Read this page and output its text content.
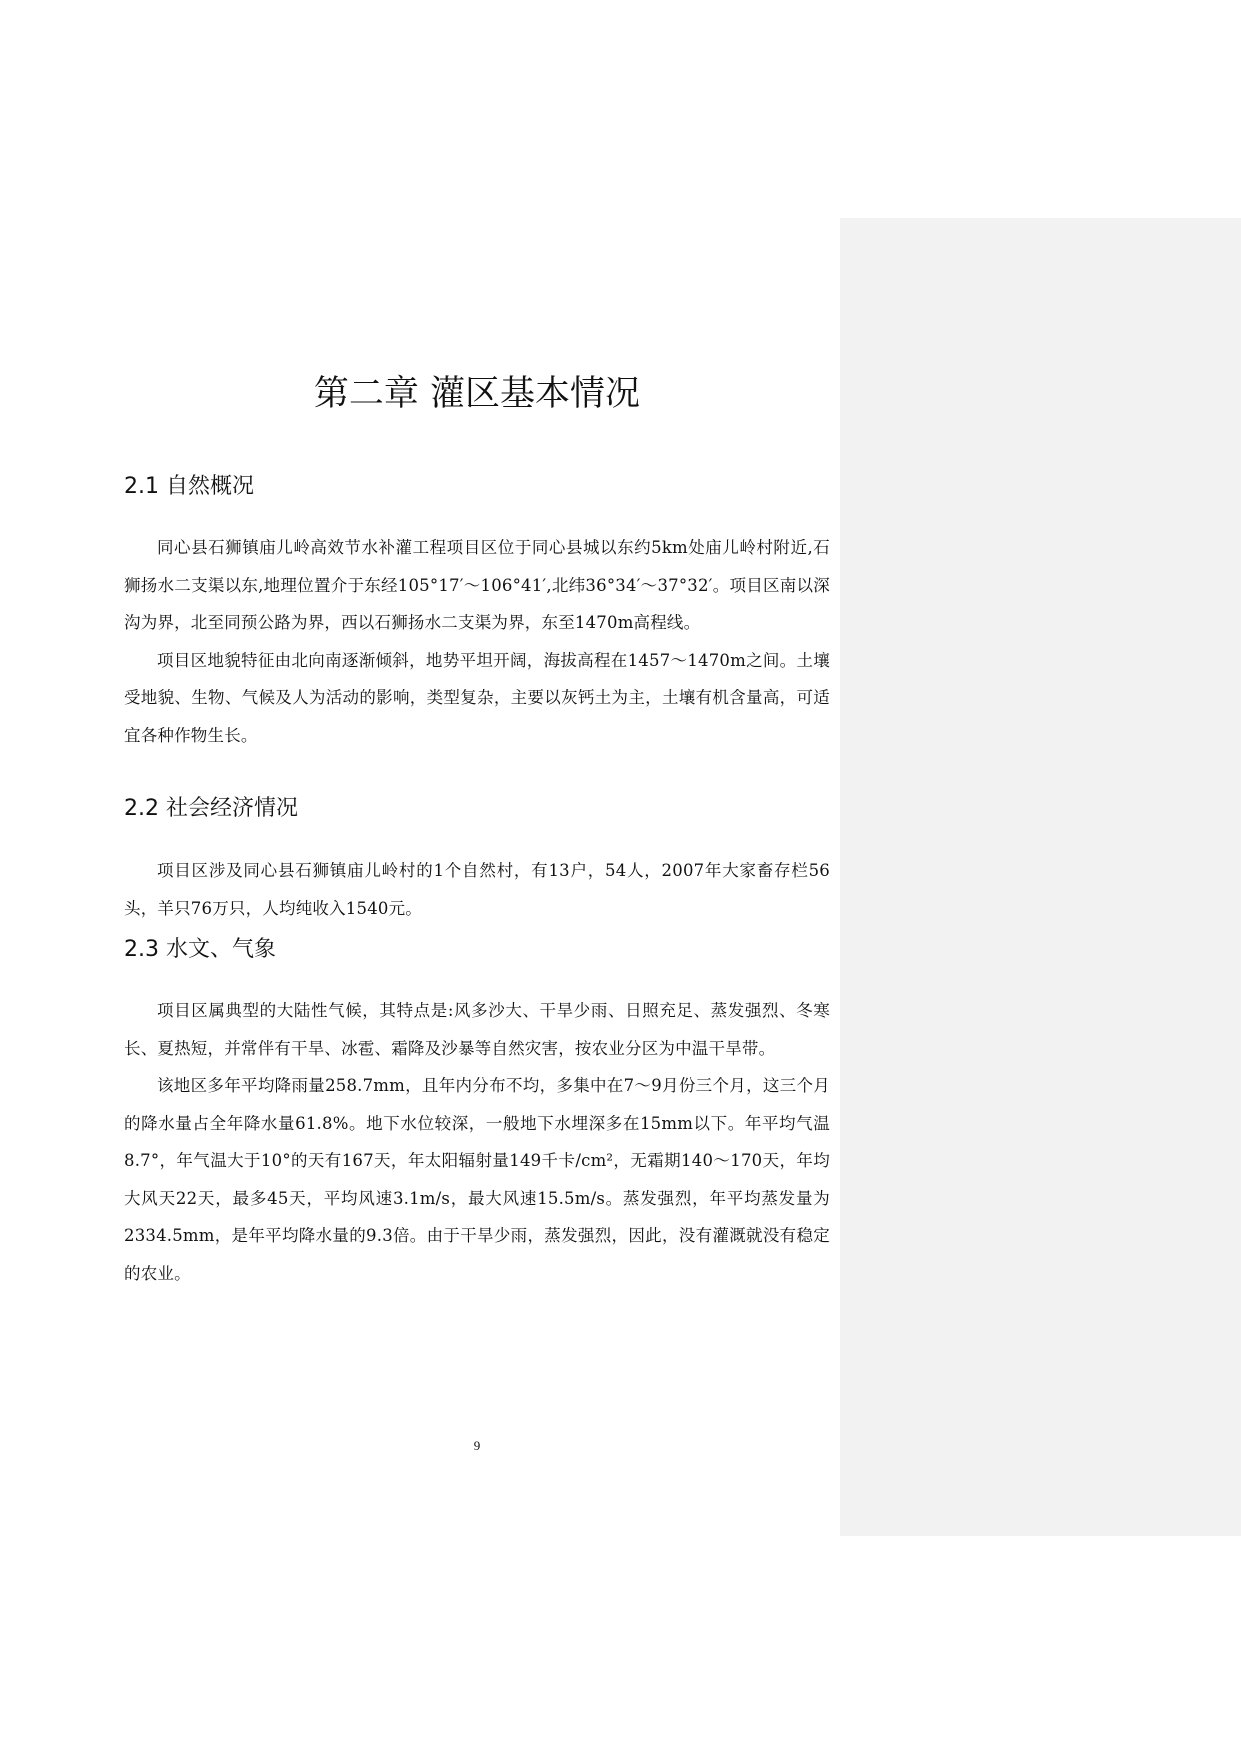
第二章 灌区基本情况
2.1 自然概况

同心县石狮镇庙儿岭高效节水补灌工程项目区位于同心县城以东约5km处庙儿岭村附近,石狮扬水二支渠以东,地理位置介于东经105°17′～106°41′,北纬36°34′～37°32′。项目区南以深沟为界，北至同预公路为界，西以石狮扬水二支渠为界，东至1470m高程线。

项目区地貌特征由北向南逐渐倾斜，地势平坦开阔，海拔高程在1457～1470m之间。土壤受地貌、生物、气候及人为活动的影响，类型复杂，主要以灰钙土为主，土壤有机含量高，可适宜各种作物生长。

2.2 社会经济情况

项目区涉及同心县石狮镇庙儿岭村的1个自然村，有13户，54人，2007年大家畜存栏56头，羊只76万只，人均纯收入1540元。

2.3 水文、气象

项目区属典型的大陆性气候，其特点是:风多沙大、干旱少雨、日照充足、蒸发强烈、冬寒长、夏热短，并常伴有干旱、冰雹、霜降及沙暴等自然灾害，按农业分区为中温干旱带。

该地区多年平均降雨量258.7mm，且年内分布不均，多集中在7～9月份三个月，这三个月的降水量占全年降水量61.8%。地下水位较深，一般地下水埋深多在15mm以下。年平均气温8.7°，年气温大于10°的天有167天，年太阳辐射量149千卡/cm²，无霜期140～170天，年均大风天22天，最多45天，平均风速3.1m/s，最大风速15.5m/s。蒸发强烈，年平均蒸发量为2334.5mm，是年平均降水量的9.3倍。由于干旱少雨，蒸发强烈，因此，没有灌溉就没有稳定的农业。

9
